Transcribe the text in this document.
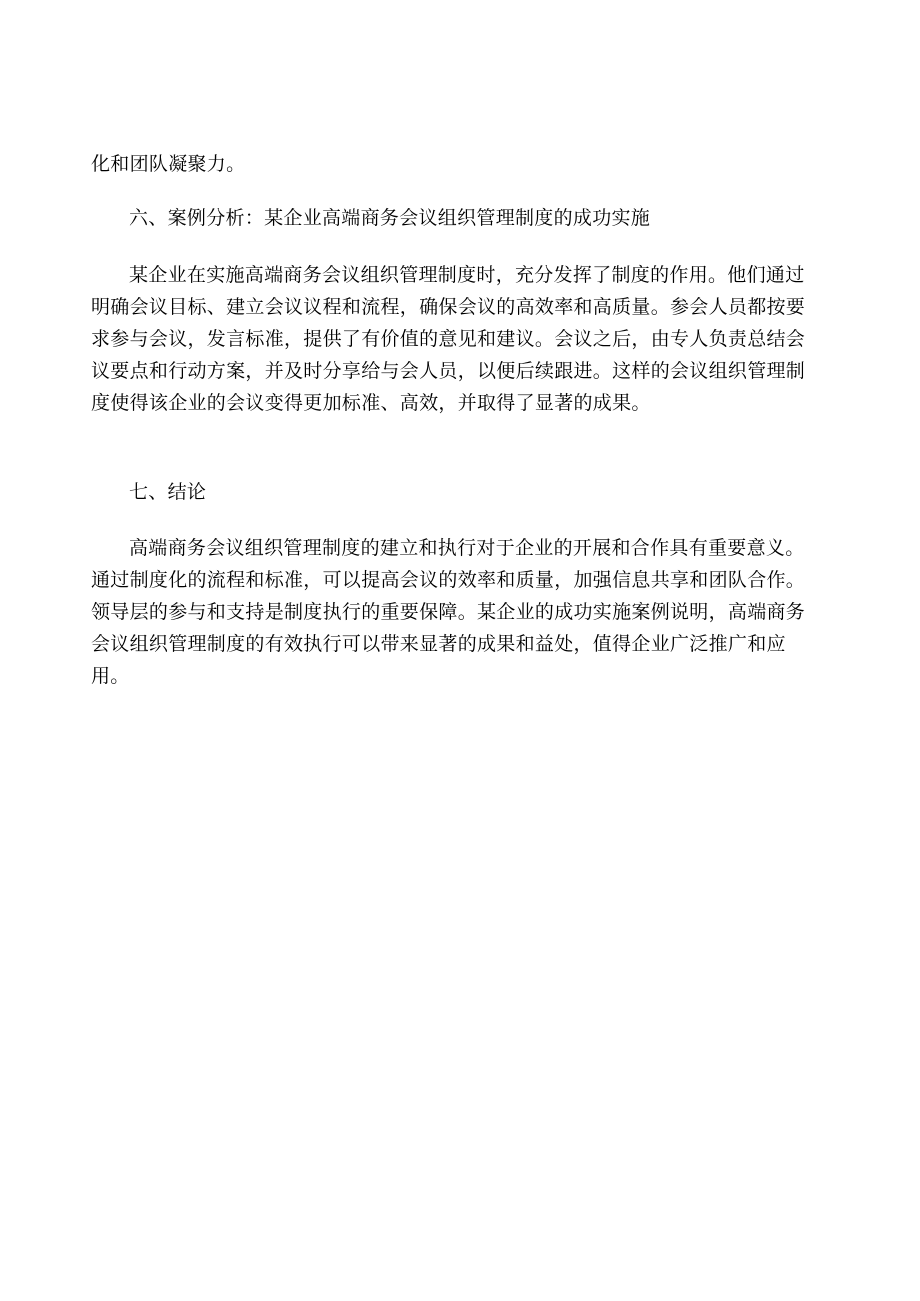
化和团队凝聚力。

六、案例分析：某企业高端商务会议组织管理制度的成功实施

某企业在实施高端商务会议组织管理制度时，充分发挥了制度的作用。他们通过
明确会议目标、建立会议议程和流程，确保会议的高效率和高质量。参会人员都按要
求参与会议，发言标准，提供了有价值的意见和建议。会议之后，由专人负责总结会
议要点和行动方案，并及时分享给与会人员，以便后续跟进。这样的会议组织管理制
度使得该企业的会议变得更加标准、高效，并取得了显著的成果。

七、结论

高端商务会议组织管理制度的建立和执行对于企业的开展和合作具有重要意义。
通过制度化的流程和标准，可以提高会议的效率和质量，加强信息共享和团队合作。
领导层的参与和支持是制度执行的重要保障。某企业的成功实施案例说明，高端商务
会议组织管理制度的有效执行可以带来显著的成果和益处，值得企业广泛推广和应
用。
